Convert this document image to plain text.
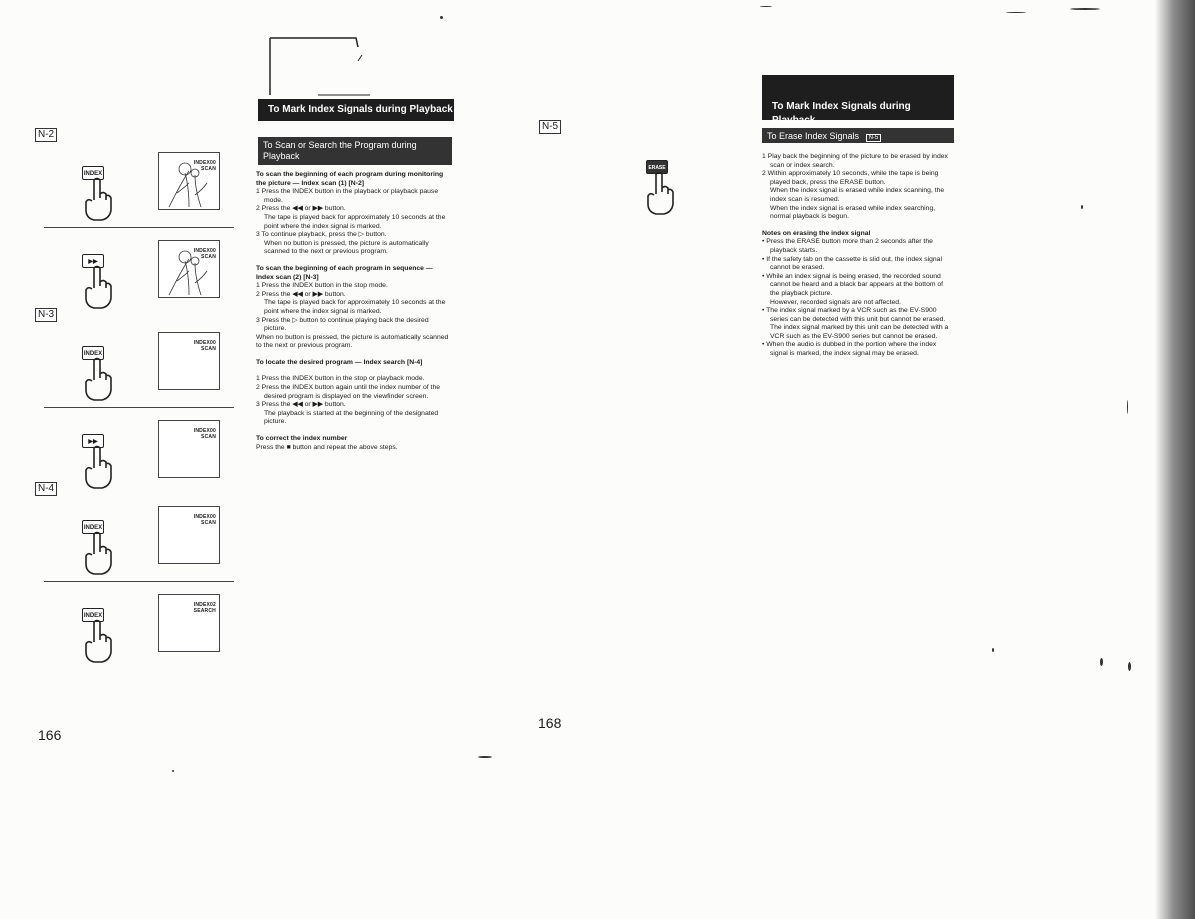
N-2
INDEX
INDEX00
SCAN
▶▶
INDEX00
SCAN
N-3
INDEX
INDEX00
SCAN
▶▶
INDEX00
SCAN
N-4
INDEX
INDEX00
SCAN
INDEX
INDEX02
SEARCH
To Mark Index Signals during Playback
To Scan or Search the Program during Playback

To scan the beginning of each program during monitoring the picture — Index scan (1) [N-2]

1 Press the INDEX button in the playback or playback pause mode.

2 Press the ◀◀ or ▶▶ button.

The tape is played back for approximately 10 seconds at the point where the index signal is marked.

3 To continue playback, press the ▷ button.

When no button is pressed, the picture is automatically scanned to the next or previous program.

To scan the beginning of each program in sequence — Index scan (2) [N-3]

1 Press the INDEX button in the stop mode.

2 Press the ◀◀ or ▶▶ button.

The tape is played back for approximately 10 seconds at the point where the index signal is marked.

3 Press the ▷ button to continue playing back the desired picture.

When no button is pressed, the picture is automatically scanned to the next or previous program.

To locate the desired program — Index search [N-4]

1 Press the INDEX button in the stop or playback mode.

2 Press the INDEX button again until the index number of the desired program is displayed on the viewfinder screen.

3 Press the ◀◀ or ▶▶ button.

The playback is started at the beginning of the designated picture.

To correct the index number

Press the ■ button and repeat the above steps.

166
N-5
ERASE
To Mark Index Signals during Playback
To Erase Index Signals N-5

1 Play back the beginning of the picture to be erased by index scan or index search.

2 Within approximately 10 seconds, while the tape is being played back, press the ERASE button.

When the index signal is erased while index scanning, the index scan is resumed.

When the index signal is erased while index searching, normal playback is begun.

Notes on erasing the index signal

• Press the ERASE button more than 2 seconds after the playback starts.

• If the safety tab on the cassette is slid out, the index signal cannot be erased.

• While an index signal is being erased, the recorded sound cannot be heard and a black bar appears at the bottom of the playback picture.

However, recorded signals are not affected.

• The index signal marked by a VCR such as the EV-S900 series can be detected with this unit but cannot be erased.

The index signal marked by this unit can be detected with a VCR such as the EV-S900 series but cannot be erased.

• When the audio is dubbed in the portion where the index signal is marked, the index signal may be erased.

168
